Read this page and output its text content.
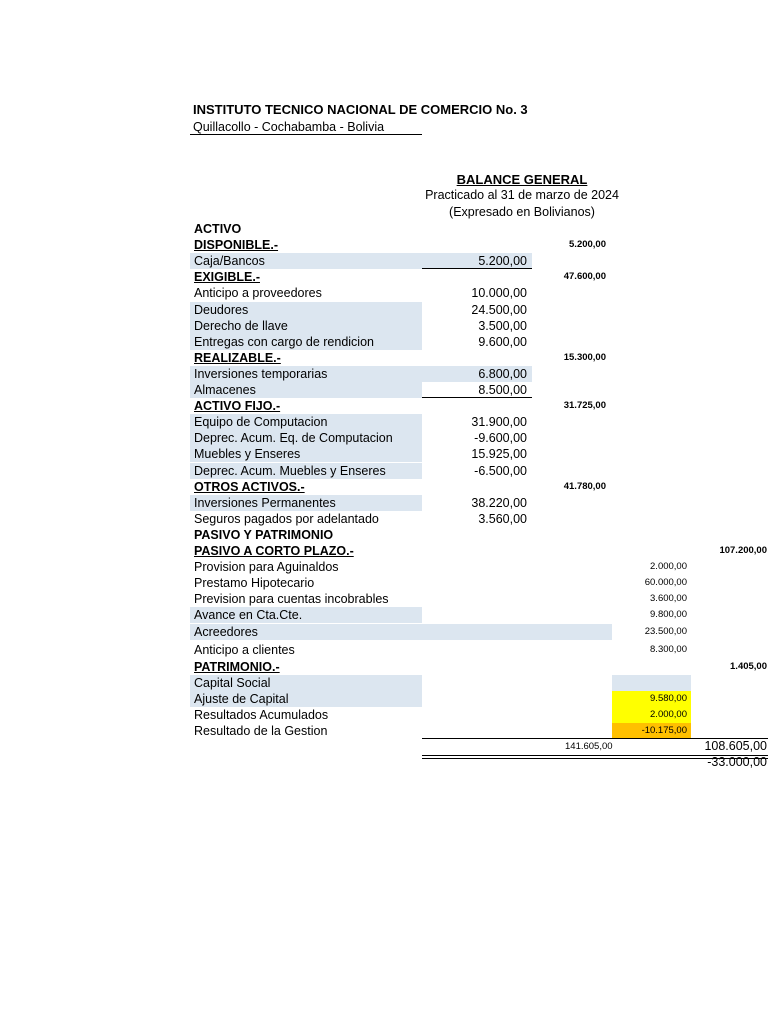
INSTITUTO TECNICO NACIONAL DE COMERCIO No. 3
Quillacollo - Cochabamba - Bolivia
BALANCE GENERAL
Practicado al 31 de marzo de 2024
(Expresado en Bolivianos)
ACTIVO
DISPONIBLE.-	5.200,00
Caja/Bancos	5.200,00
EXIGIBLE.-	47.600,00
Anticipo a proveedores	10.000,00
Deudores	24.500,00
Derecho de llave	3.500,00
Entregas con cargo de rendicion	9.600,00
REALIZABLE.-	15.300,00
Inversiones temporarias	6.800,00
Almacenes	8.500,00
ACTIVO FIJO.-	31.725,00
Equipo de Computacion	31.900,00
Deprec. Acum. Eq. de Computacion	-9.600,00
Muebles y Enseres	15.925,00
Deprec. Acum. Muebles y Enseres	-6.500,00
OTROS ACTIVOS.-	41.780,00
Inversiones Permanentes	38.220,00
Seguros pagados por adelantado	3.560,00
PASIVO Y PATRIMONIO
PASIVO A CORTO PLAZO.-	107.200,00
Provision para Aguinaldos	2.000,00
Prestamo Hipotecario	60.000,00
Prevision para cuentas incobrables	3.600,00
Avance en Cta.Cte.	9.800,00
Acreedores	23.500,00
Anticipo a clientes	8.300,00
PATRIMONIO.-	1.405,00
Capital Social
Ajuste de Capital	9.580,00
Resultados Acumulados	2.000,00
Resultado de la Gestion	-10.175,00
141.605,00	108.605,00
-33.000,00
